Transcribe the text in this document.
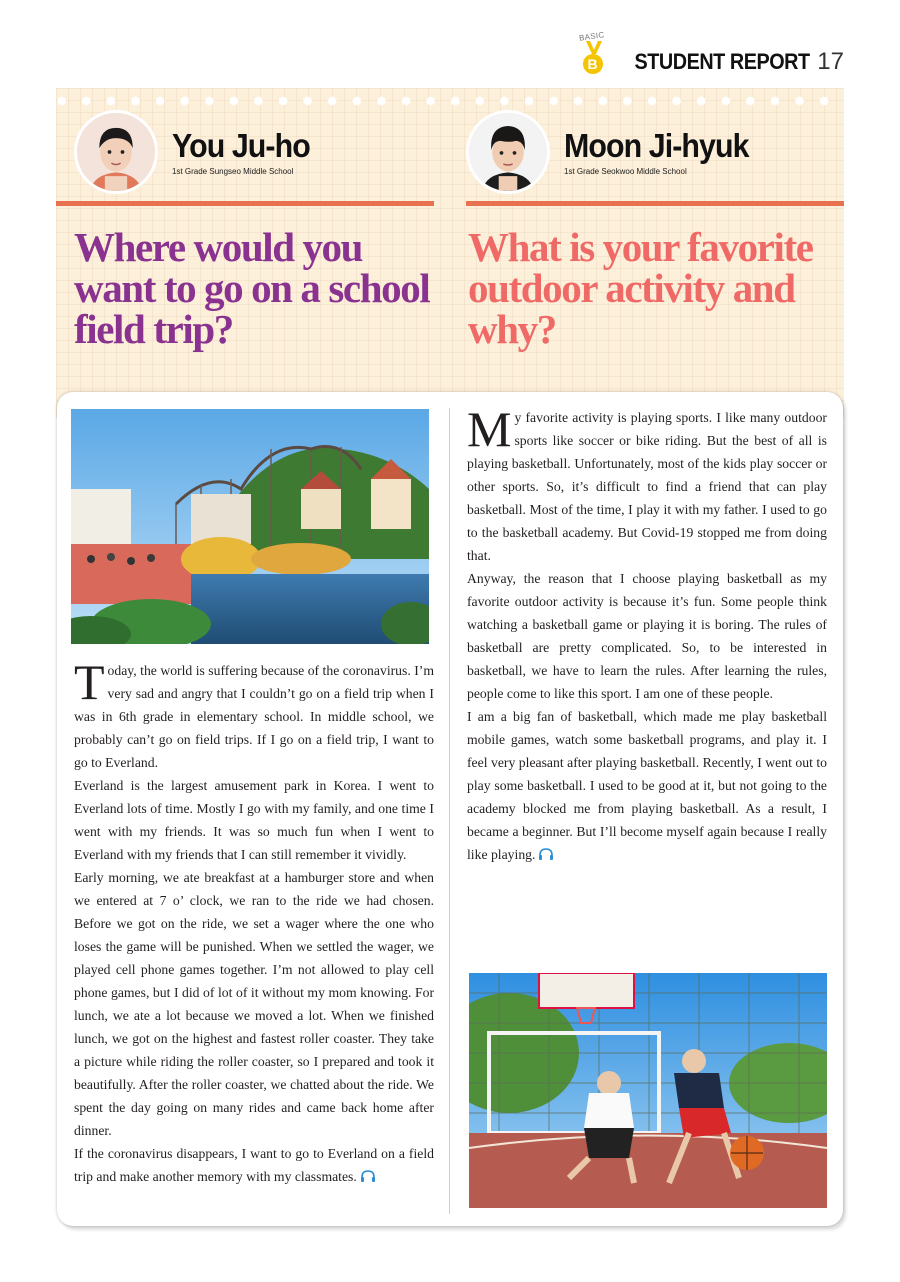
BASIC
B STUDENT REPORT 17
You Ju-ho
1st Grade Sungseo Middle School
Moon Ji-hyuk
1st Grade Seokwoo Middle School
Where would you want to go on a school field trip?
What is your favorite outdoor activity and why?

Today, the world is suffering because of the coronavirus. I’m very sad and angry that I couldn’t go on a field trip when I was in 6th grade in elementary school. In middle school, we probably can’t go on field trips. If I go on a field trip, I want to go to Everland.

Everland is the largest amusement park in Korea. I went to Everland lots of time. Mostly I go with my family, and one time I went with my friends. It was so much fun when I went to Everland with my friends that I can still remember it vividly.

Early morning, we ate breakfast at a hamburger store and when we entered at 7 o’ clock, we ran to the ride we had chosen. Before we got on the ride, we set a wager where the one who loses the game will be punished. When we settled the wager, we played cell phone games together. I’m not allowed to play cell phone games, but I did of lot of it without my mom knowing. For lunch, we ate a lot because we moved a lot. When we finished lunch, we got on the highest and fastest roller coaster. They take a picture while riding the roller coaster, so I prepared and took it beautifully. After the roller coaster, we chatted about the ride. We spent the day going on many rides and came back home after dinner.

If the coronavirus disappears, I want to go to Everland on a field trip and make another memory with my classmates.

My favorite activity is playing sports. I like many outdoor sports like soccer or bike riding. But the best of all is playing basketball. Unfortunately, most of the kids play soccer or other sports. So, it’s difficult to find a friend that can play basketball. Most of the time, I play it with my father. I used to go to the basketball academy. But Covid-19 stopped me from doing that.

Anyway, the reason that I choose playing basketball as my favorite outdoor activity is because it’s fun. Some people think watching a basketball game or playing it is boring. The rules of basketball are pretty complicated. So, to be interested in basketball, we have to learn the rules. After learning the rules, people come to like this sport. I am one of these people.

I am a big fan of basketball, which made me play basketball mobile games, watch some basketball programs, and play it. I feel very pleasant after playing basketball. Recently, I went out to play some basketball. I used to be good at it, but not going to the academy blocked me from playing basketball. As a result, I became a beginner. But I’ll become myself again because I really like playing.
